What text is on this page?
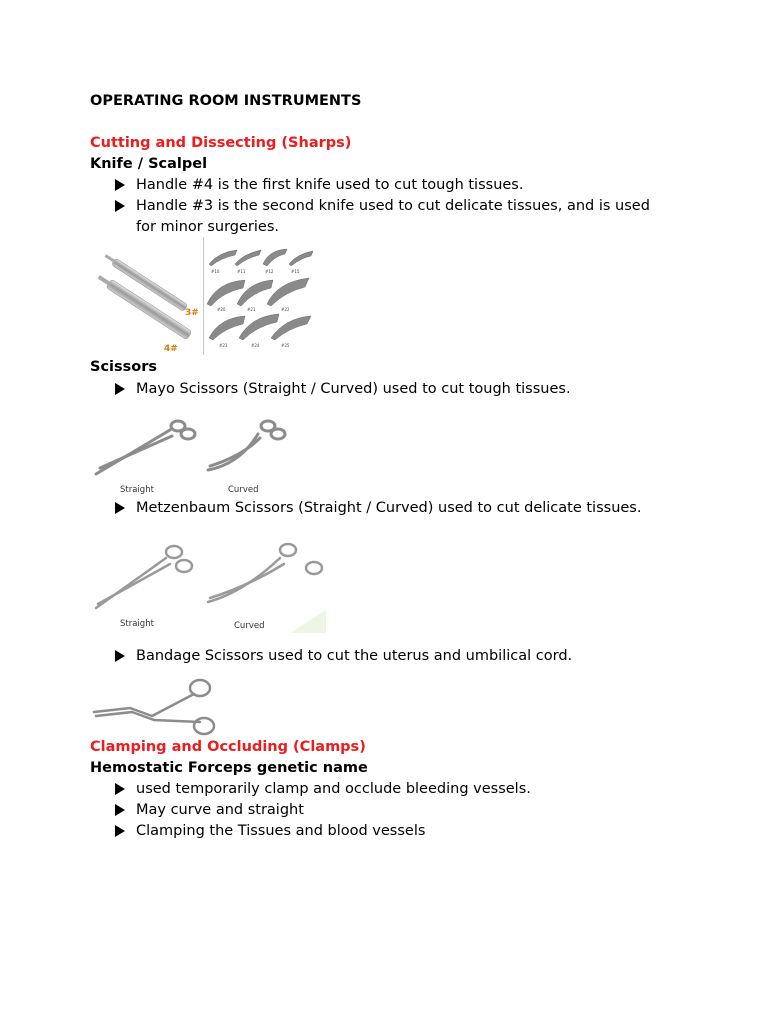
OPERATING ROOM INSTRUMENTS
Cutting and Dissecting (Sharps)
Knife / Scalpel
Handle #4 is the first knife used to cut tough tissues.
Handle #3 is the second knife used to cut delicate tissues, and is used
for minor surgeries.
3#
4#
#10	#11	#12	#15
#20	#21	#22
#23	#24	#25
Scissors
Mayo Scissors (Straight / Curved) used to cut tough tissues.
Straight	Curved
Metzenbaum Scissors (Straight / Curved) used to cut delicate tissues.
Straight	Curved
Bandage Scissors used to cut the uterus and umbilical cord.
Clamping and Occluding (Clamps)
Hemostatic Forceps genetic name
used temporarily clamp and occlude bleeding vessels.
May curve and straight
Clamping the Tissues and blood vessels
